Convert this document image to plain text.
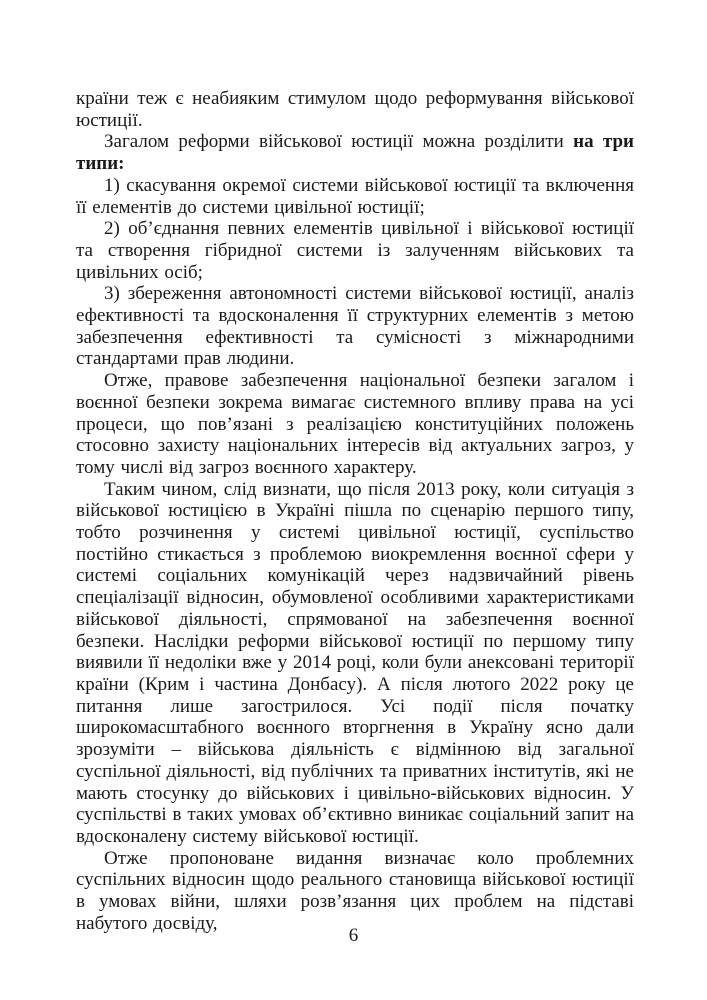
країни теж є неабияким стимулом щодо реформування військової юстиції.

Загалом реформи військової юстиції можна розділити на три типи:

1) скасування окремої системи військової юстиції та включення її елементів до системи цивільної юстиції;

2) об’єднання певних елементів цивільної і військової юстиції та створення гібридної системи із залученням військових та цивільних осіб;

3) збереження автономності системи військової юстиції, аналіз ефективності та вдосконалення її структурних елементів з метою забезпечення ефективності та сумісності з міжнародними стандартами прав людини.

Отже, правове забезпечення національної безпеки загалом і воєнної безпеки зокрема вимагає системного впливу права на усі процеси, що пов’язані з реалізацією конституційних положень стосовно захисту національних інтересів від актуальних загроз, у тому числі від загроз воєнного характеру.

Таким чином, слід визнати, що після 2013 року, коли ситуація з військової юстицією в Україні пішла по сценарію першого типу, тобто розчинення у системі цивільної юстиції, суспільство постійно стикається з проблемою виокремлення воєнної сфери у системі соціальних комунікацій через надзвичайний рівень спеціалізації відносин, обумовленої особливими характеристиками військової діяльності, спрямованої на забезпечення воєнної безпеки. Наслідки реформи військової юстиції по першому типу виявили її недоліки вже у 2014 році, коли були анексовані території країни (Крим і частина Донбасу). А після лютого 2022 року це питання лише загострилося. Усі події після початку широкомасштабного воєнного вторгнення в Україну ясно дали зрозуміти – військова діяльність є відмінною від загальної суспільної діяльності, від публічних та приватних інститутів, які не мають стосунку до військових і цивільно-військових відносин. У суспільстві в таких умовах об’єктивно виникає соціальний запит на вдосконалену систему військової юстиції.

Отже пропоноване видання визначає коло проблемних суспільних відносин щодо реального становища військової юстиції в умовах війни, шляхи розв’язання цих проблем на підставі набутого досвіду,

6
